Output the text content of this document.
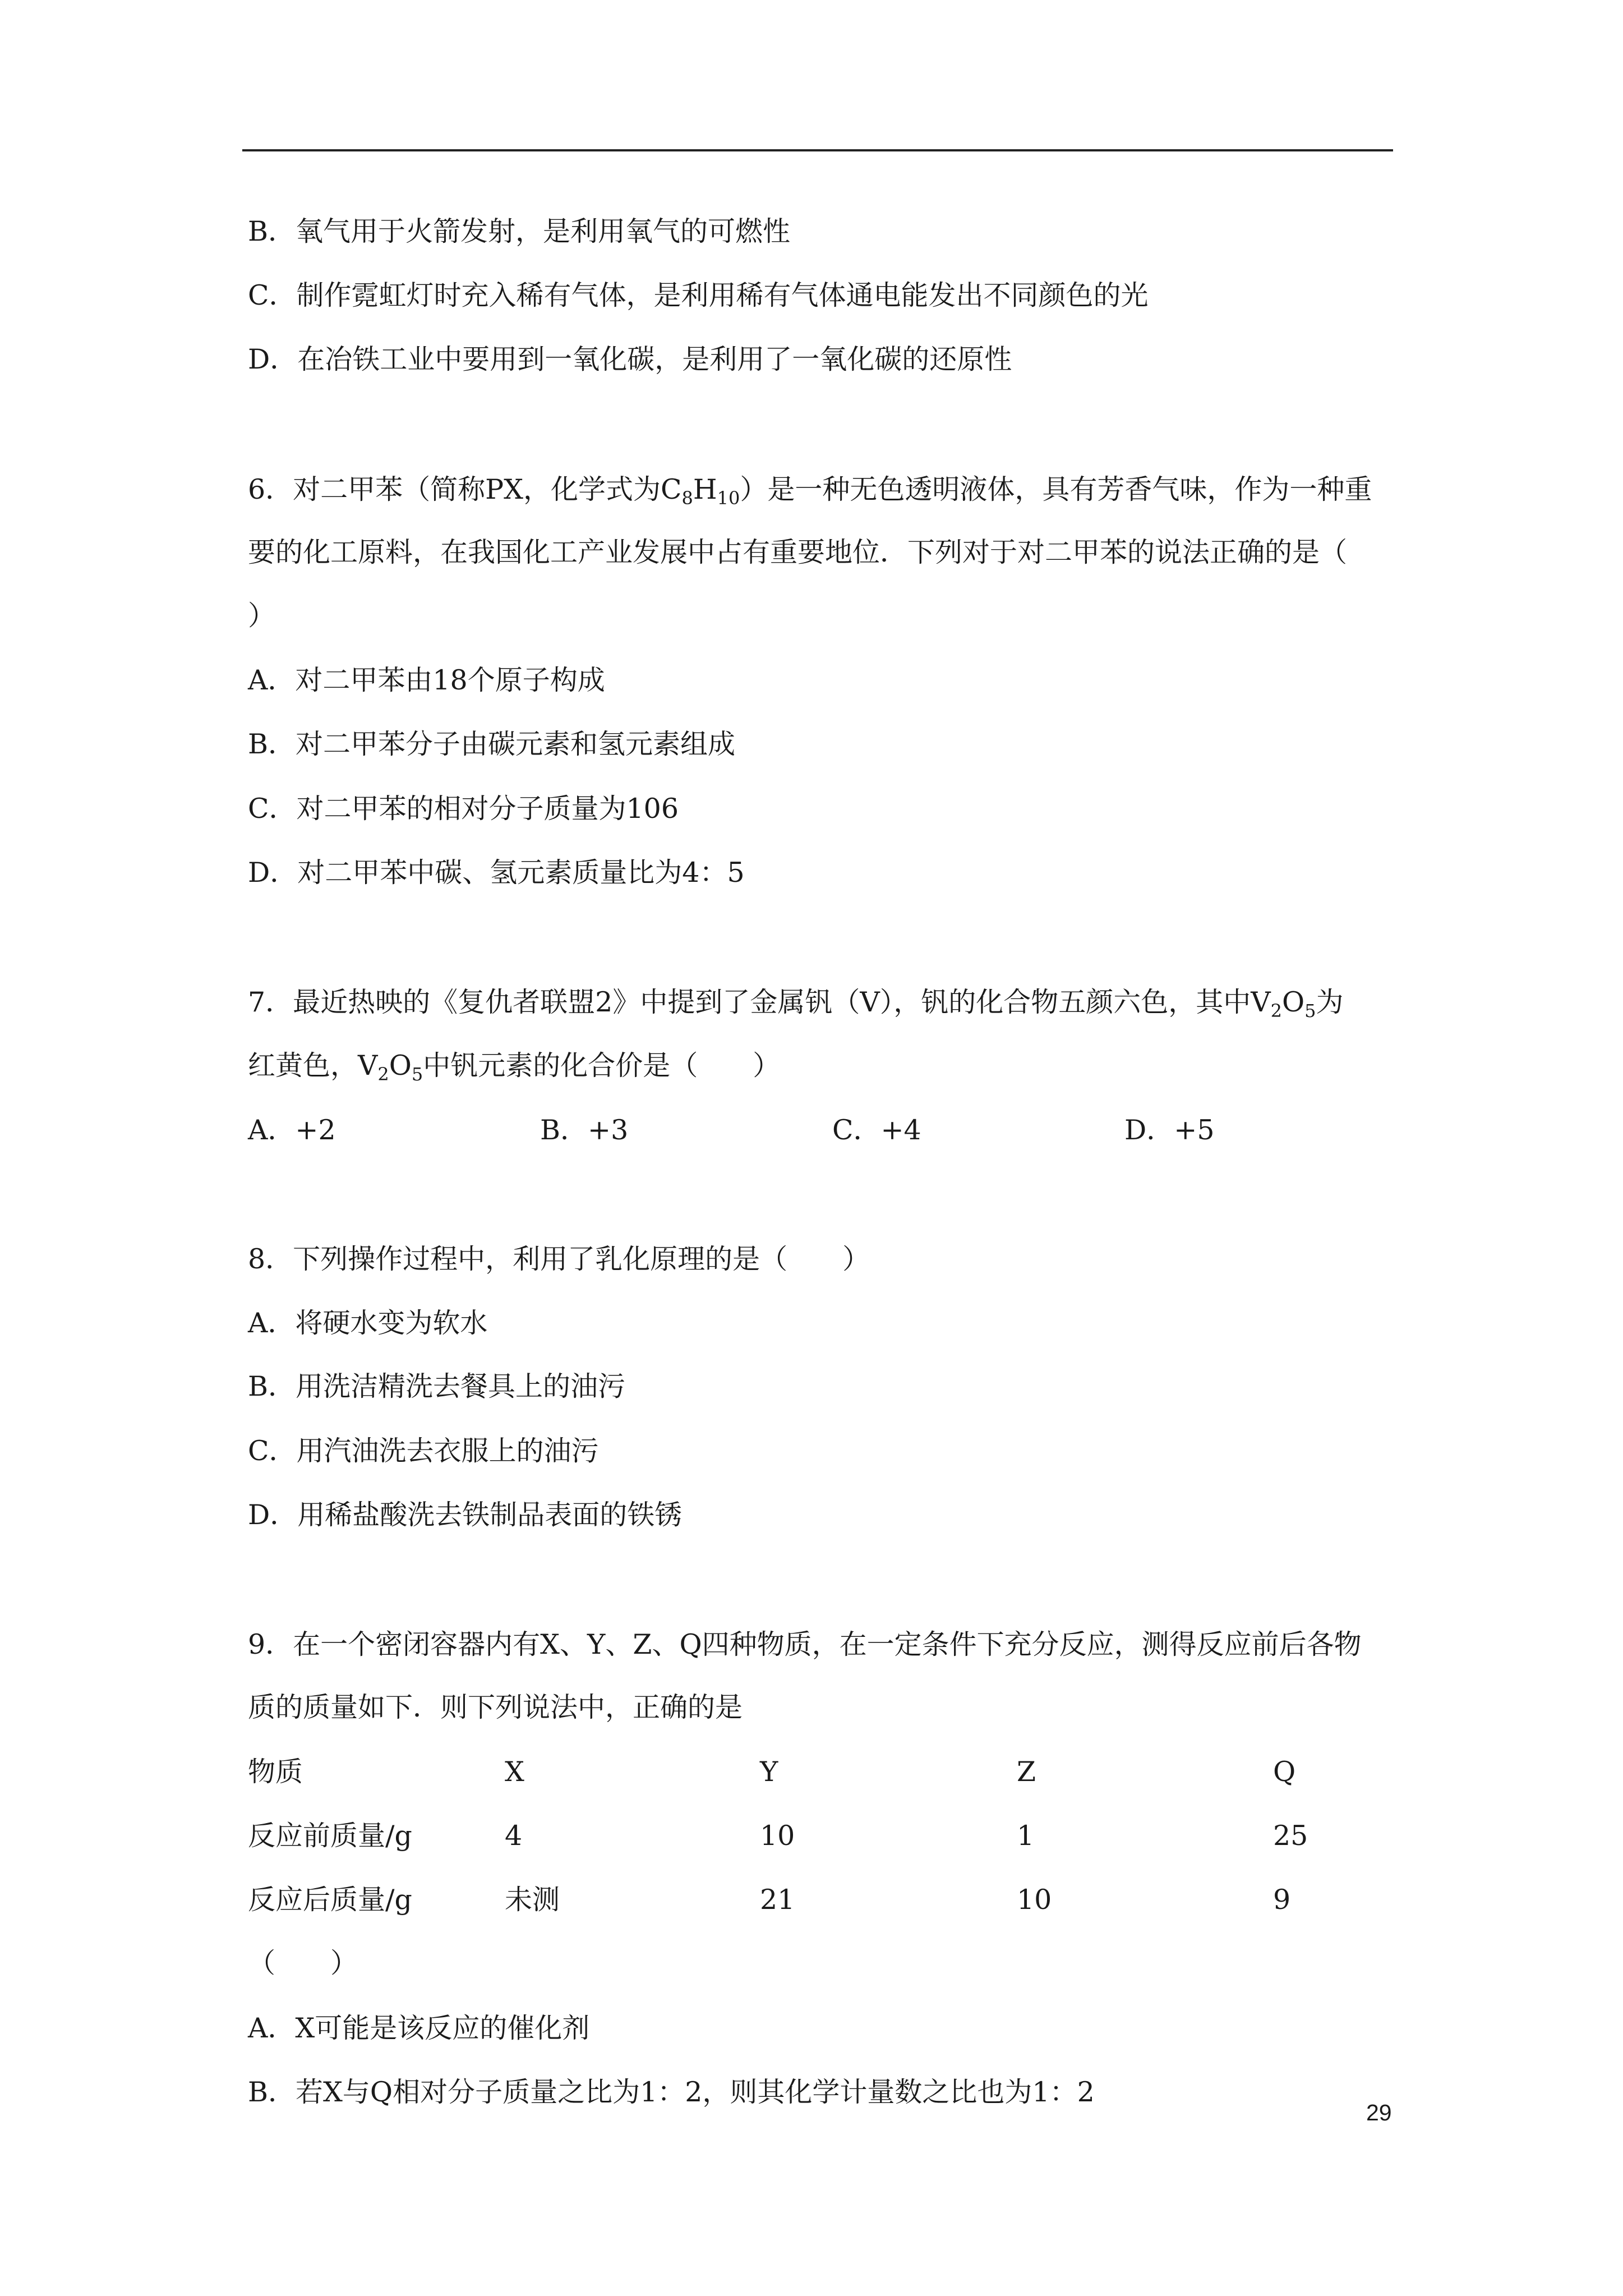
B．氧气用于火箭发射，是利用氧气的可燃性
C．制作霓虹灯时充入稀有气体，是利用稀有气体通电能发出不同颜色的光
D．在冶铁工业中要用到一氧化碳，是利用了一氧化碳的还原性
6．对二甲苯（简称PX，化学式为$C_8H_{10}$）是一种无色透明液体，具有芳香气味，作为一种重
要的化工原料，在我国化工产业发展中占有重要地位．下列对于对二甲苯的说法正确的是（
）
A．对二甲苯由18个原子构成
B．对二甲苯分子由碳元素和氢元素组成
C．对二甲苯的相对分子质量为106
D．对二甲苯中碳、氢元素质量比为4：5
7．最近热映的《复仇者联盟2》中提到了金属钒（V），钒的化合物五颜六色，其中$V_2O_5$为
红黄色，$V_2O_5$中钒元素的化合价是（　　）
A．+2	B．+3	C．+4	D．+5
8．下列操作过程中，利用了乳化原理的是（　　）
A．将硬水变为软水
B．用洗洁精洗去餐具上的油污
C．用汽油洗去衣服上的油污
D．用稀盐酸洗去铁制品表面的铁锈
9．在一个密闭容器内有X、Y、Z、Q四种物质，在一定条件下充分反应，测得反应前后各物
质的质量如下．则下列说法中，正确的是
物质	X	Y	Z	Q
反应前质量/g	4	10	1	25
反应后质量/g	未测	21	10	9
（　　）
A．X可能是该反应的催化剂
B．若X与Q相对分子质量之比为1：2，则其化学计量数之比也为1：2
29
